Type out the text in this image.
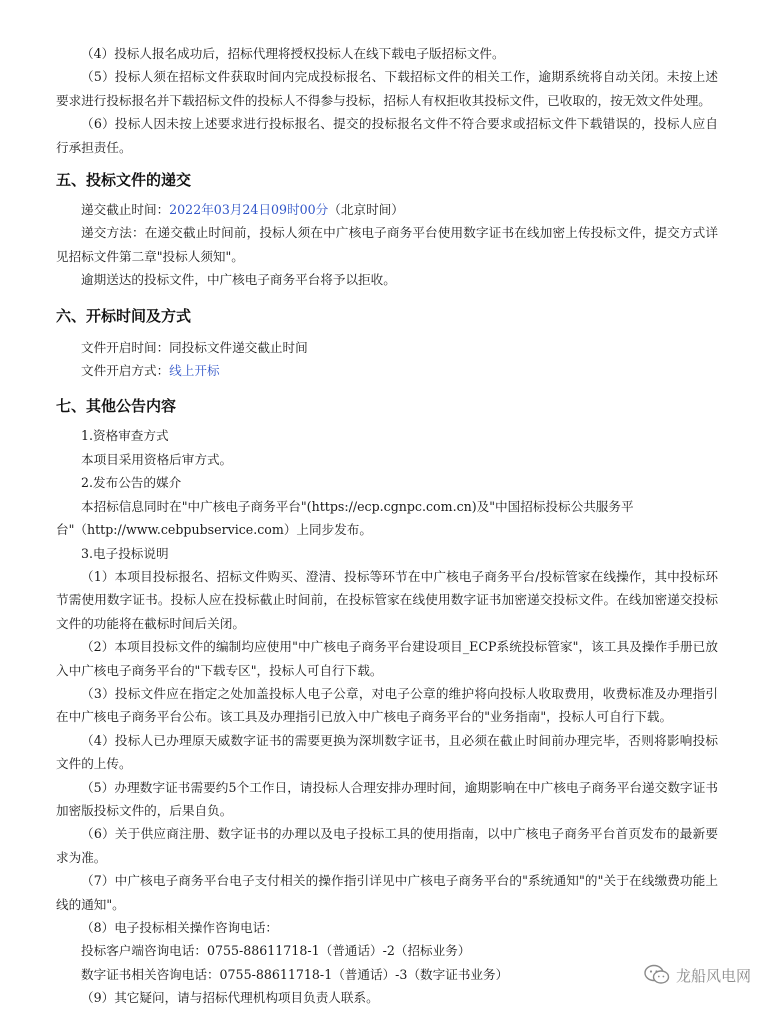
（4）投标人报名成功后，招标代理将授权投标人在线下载电子版招标文件。

（5）投标人须在招标文件获取时间内完成投标报名、下载招标文件的相关工作，逾期系统将自动关闭。未按上述要求进行投标报名并下载招标文件的投标人不得参与投标，招标人有权拒收其投标文件，已收取的，按无效文件处理。

（6）投标人因未按上述要求进行投标报名、提交的投标报名文件不符合要求或招标文件下载错误的，投标人应自行承担责任。

五、投标文件的递交

递交截止时间：2022年03月24日09时00分（北京时间）

递交方法：在递交截止时间前，投标人须在中广核电子商务平台使用数字证书在线加密上传投标文件，提交方式详见招标文件第二章"投标人须知"。

逾期送达的投标文件，中广核电子商务平台将予以拒收。

六、开标时间及方式

文件开启时间：同投标文件递交截止时间

文件开启方式：线上开标

七、其他公告内容

1.资格审查方式

本项目采用资格后审方式。

2.发布公告的媒介

本招标信息同时在"中广核电子商务平台"(https://ecp.cgnpc.com.cn)及"中国招标投标公共服务平台"（http://www.cebpubservice.com）上同步发布。

3.电子投标说明

（1）本项目投标报名、招标文件购买、澄清、投标等环节在中广核电子商务平台/投标管家在线操作，其中投标环节需使用数字证书。投标人应在投标截止时间前，在投标管家在线使用数字证书加密递交投标文件。在线加密递交投标文件的功能将在截标时间后关闭。

（2）本项目投标文件的编制均应使用"中广核电子商务平台建设项目_ECP系统投标管家"，该工具及操作手册已放入中广核电子商务平台的"下载专区"，投标人可自行下载。

（3）投标文件应在指定之处加盖投标人电子公章，对电子公章的维护将向投标人收取费用，收费标准及办理指引在中广核电子商务平台公布。该工具及办理指引已放入中广核电子商务平台的"业务指南"，投标人可自行下载。

（4）投标人已办理原天威数字证书的需要更换为深圳数字证书，且必须在截止时间前办理完毕，否则将影响投标文件的上传。

（5）办理数字证书需要约5个工作日，请投标人合理安排办理时间，逾期影响在中广核电子商务平台递交数字证书加密版投标文件的，后果自负。

（6）关于供应商注册、数字证书的办理以及电子投标工具的使用指南，以中广核电子商务平台首页发布的最新要求为准。

（7）中广核电子商务平台电子支付相关的操作指引详见中广核电子商务平台的"系统通知"的"关于在线缴费功能上线的通知"。

（8）电子投标相关操作咨询电话：

投标客户端咨询电话：0755-88611718-1（普通话）-2（招标业务）

数字证书相关咨询电话：0755-88611718-1（普通话）-3（数字证书业务）

（9）其它疑问，请与招标代理机构项目负责人联系。

龙船风电网
